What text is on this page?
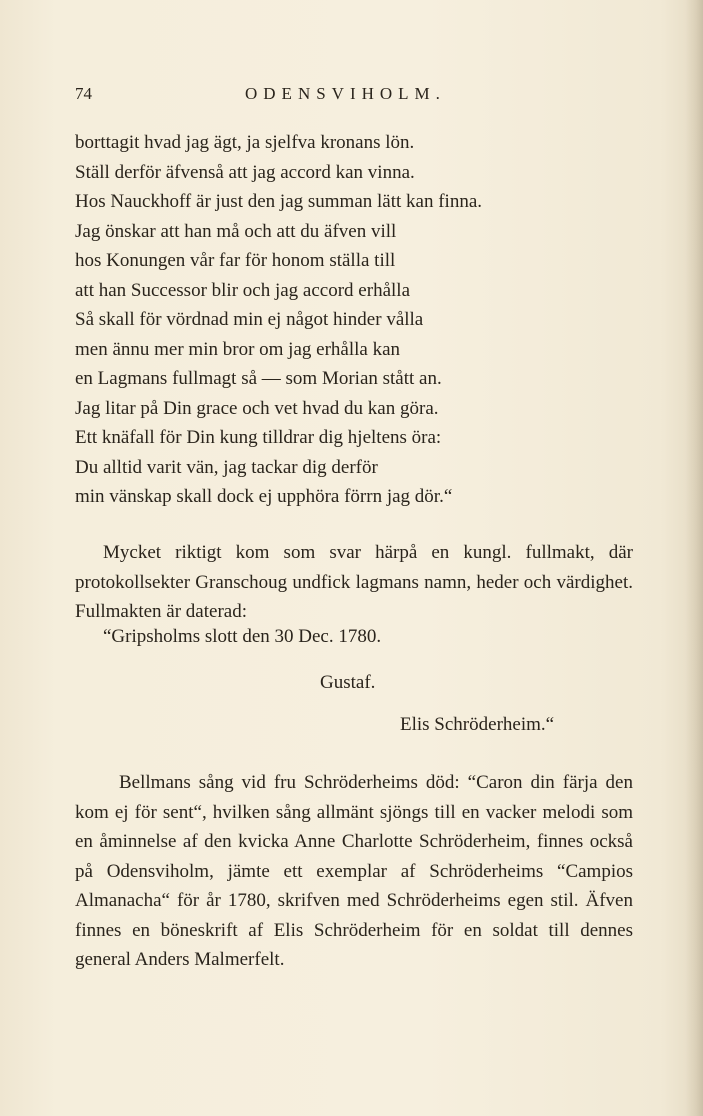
74	ODENSVIHOLM.
borttagit hvad jag ägt, ja sjelfva kronans lön.
Ställ derför äfvenså att jag accord kan vinna.
Hos Nauckhoff är just den jag summan lätt kan finna.
Jag önskar att han må och att du äfven vill
hos Konungen vår far för honom ställa till
att han Successor blir och jag accord erhålla
Så skall för vördnad min ej något hinder vålla
men ännu mer min bror om jag erhålla kan
en Lagmans fullmagt så — som Morian stått an.
Jag litar på Din grace och vet hvad du kan göra.
Ett knäfall för Din kung tilldrar dig hjeltens öra:
Du alltid varit vän, jag tackar dig derför
min vänskap skall dock ej upphöra förrn jag dör.“

Mycket riktigt kom som svar härpå en kungl. fullmakt, där protokollsekter Granschoug undfick lagmans namn, heder och värdighet. Fullmakten är daterad:

“Gripsholms slott den 30 Dec. 1780.
Gustaf.
Elis Schröderheim.“

Bellmans sång vid fru Schröderheims död: “Caron din färja den kom ej för sent“, hvilken sång allmänt sjöngs till en vacker melodi som en åminnelse af den kvicka Anne Charlotte Schröderheim, finnes också på Odensviholm, jämte ett exemplar af Schröderheims “Campios Almanacha“ för år 1780, skrifven med Schröderheims egen stil. Äfven finnes en böneskrift af Elis Schröderheim för en soldat till dennes general Anders Malmerfelt.
